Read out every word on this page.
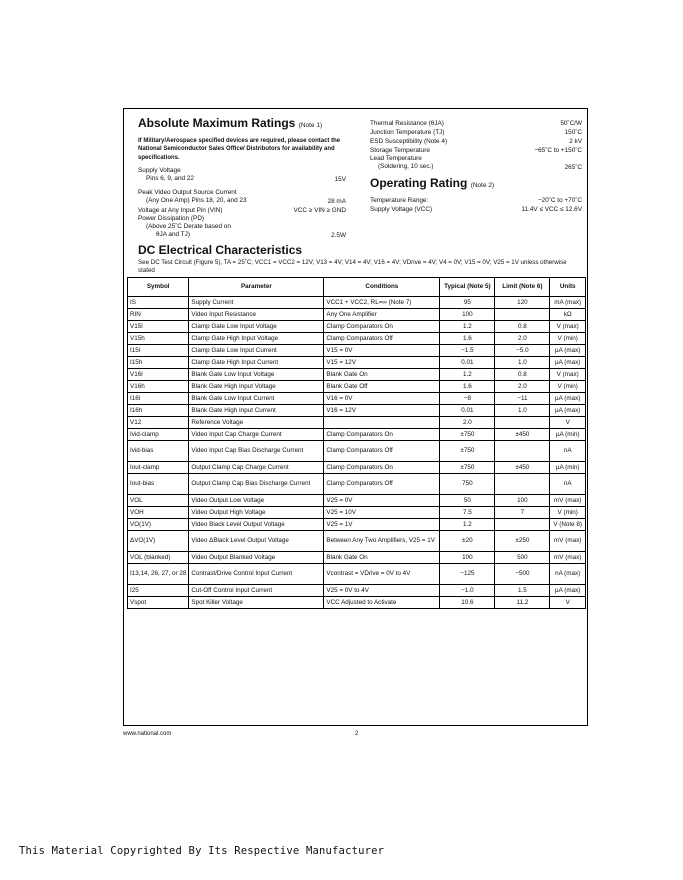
Absolute Maximum Ratings (Note 1)
If Military/Aerospace specified devices are required, please contact the National Semiconductor Sales Office/ Distributors for availability and specifications.
Supply Voltage
Pins 6, 9, and 22	15V
Peak Video Output Source Current
(Any One Amp) Pins 18, 20, and 23	28 mA
Voltage at Any Input Pin (VIN)	VCC ≥ VIN ≥ GND
Power Dissipation (PD)
(Above 25˚C Derate based on
θJA and TJ)	2.5W
Thermal Resistance (θJA)	50˚C/W
Junction Temperature (TJ)	150˚C
ESD Susceptibility (Note 4)	2 kV
Storage Temperature	−65˚C to +150˚C
Lead Temperature
(Soldering, 10 sec.)	265˚C
Operating Rating (Note 2)
Temperature Range:	−20˚C to +70˚C
Supply Voltage (VCC)	11.4V ≤ VCC ≤ 12.6V
DC Electrical Characteristics
See DC Test Circuit (Figure 5), TA = 25˚C; VCC1 = VCC2 = 12V; V13 = 4V; V14 = 4V; V16 = 4V; VDrive = 4V; V4 = 0V; V15 = 0V; V25 = 1V unless otherwise stated
Symbol	Parameter	Conditions	Typical (Note 5)	Limit (Note 6)	Units
IS	Supply Current	VCC1 + VCC2, RL=∞ (Note 7)	95	120	mA (max)
RIN	Video Input Resistance	Any One Amplifier	100		kΩ
V15l	Clamp Gate Low Input Voltage	Clamp Comparators On	1.2	0.8	V (max)
V15h	Clamp Gate High Input Voltage	Clamp Comparators Off	1.6	2.0	V (min)
I15l	Clamp Gate Low Input Current	V15 = 0V	−1.5	−5.0	µA (max)
I15h	Clamp Gate High Input Current	V15 = 12V	0.01	1.0	µA (max)
V16l	Blank Gate Low Input Voltage	Blank Gate On	1.2	0.8	V (max)
V16h	Blank Gate High Input Voltage	Blank Gate Off	1.6	2.0	V (min)
I16l	Blank Gate Low Input Current	V16 = 0V	−8	−11	µA (max)
I16h	Blank Gate High Input Current	V16 = 12V	0.01	1.0	µA (max)
V12	Reference Voltage		2.0		V
Ivid-clamp	Video Input Cap Charge Current	Clamp Comparators On	±750	±450	µA (min)
Ivid-bias	Video Input Cap Bias Discharge Current	Clamp Comparators Off	±750		nA
Iout-clamp	Output Clamp Cap Charge Current	Clamp Comparators On	±750	±450	µA (min)
Iout-bias	Output Clamp Cap Bias Discharge Current	Clamp Comparators Off	750		nA
VOL	Video Output Low Voltage	V25 = 0V	50	100	mV (max)
VOH	Video Output High Voltage	V25 = 10V	7.5	7	V (min)
VO(1V)	Video Black Level Output Voltage	V25 = 1V	1.2		V (Note 8)
ΔVO(1V)	Video ΔBlack Level Output Voltage	Between Any Two Amplifiers, V25 = 1V	±20	±250	mV (max)
VOL (blanked)	Video Output Blanked Voltage	Blank Gate On	100	500	mV (max)
I13,14, 26, 27, or 28	Contrast/Drive Control Input Current	Vcontrast = VDrive = 0V to 4V	−125	−500	nA (max)
I25	Cut-Off Control Input Current	V25 = 0V to 4V	−1.0	1.5	µA (max)
Vspot	Spot Killer Voltage	VCC Adjusted to Activate	10.6	11.2	V
www.national.com	2
This Material Copyrighted By Its Respective Manufacturer
